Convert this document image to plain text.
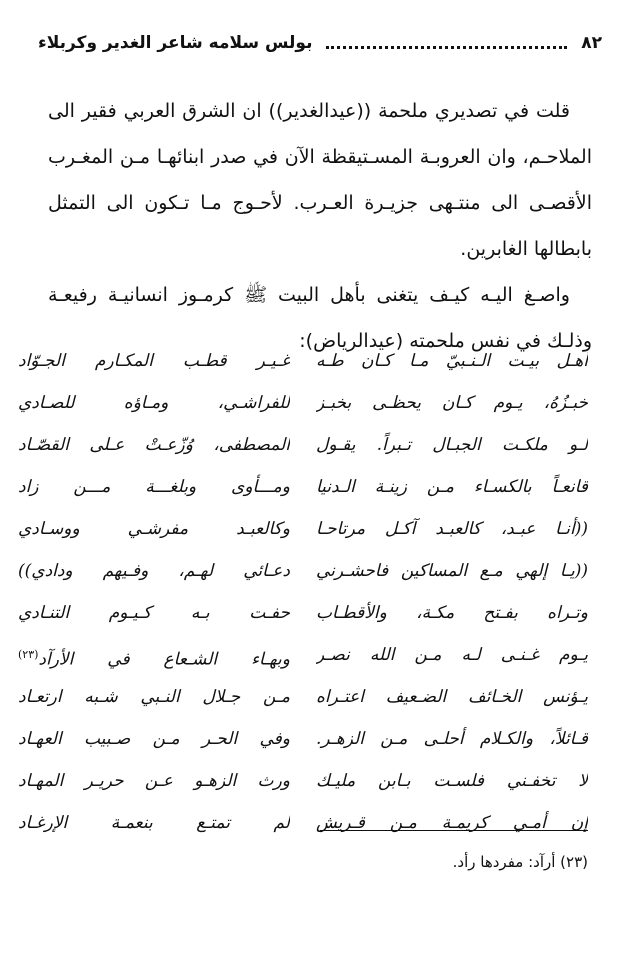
٨٢
بولس سلامه شاعر الغدير وكربلاء

قلت في تصديري ملحمة ((عيدالغدير)) ان الشرق العربي فقير الى الملاحـم، وان العروبـة المسـتيقظة الآن في صدر ابنائهـا مـن المغـرب الأقصـى الى منتـهى جزيـرة العـرب. لأحـوج مـا تـكون الى التمثل بابطالها الغابرين.

واصـغ اليـه كيـف يتغنى بأهل البيت ﷺ كرمـوز انسانيـة رفيعـة وذلـك في نفس ملحمته (عيدالرياض):

أهـل بيـت الـنـبيّ مـا كـان طـه
غـيـر قطـب المكـارم الجـوّاد
خبـزُهُ، يـوم كـان يحظـى بخبـز
للفراشـي، ومـاؤه للصـادي
لـو ملكـت الجبـال تـبراً. يقـول
المصطفى، وُزّعـتْ عـلى القصّـاد
قانعـاً بالكسـاء مـن زينـة الـدنيا
ومـــأوى وبلغـــة مـــن زاد
((أنـا عبـد، كالعبـد آكـل مرتاحـا
وكالعبـد مفرشـي ووسـادي
((يـا إلهي مـع المساكين فاحشـرني
دعـائي لهـم، وفـيهم ودادي))
وتـراه بفـتح مكـة، والأقطـاب
حفـت بـه كـيـوم التنـادي
يـوم غـنـى لـه مـن الله نصـر
وبهـاء الشـعاع في الأرآد$^{(٢٣)}$
يـؤنس الخـائف الضـعيف اعتـراه
مـن جـلال النـبي شـبه ارتعـاد
قـائلاً، والكـلام أحلـى مـن الزهـر.
وفي الحـر مـن صـبيب العهـاد
لا تخفـني فلسـت بـابن مليـك
ورث الزهـو عـن حريـر المهـاد
إن أمـي كريمـة مـن قـريش
لم تمتـع بنعمـة الإرغـاد
(٢٣) أرآد: مفردها رأد.
